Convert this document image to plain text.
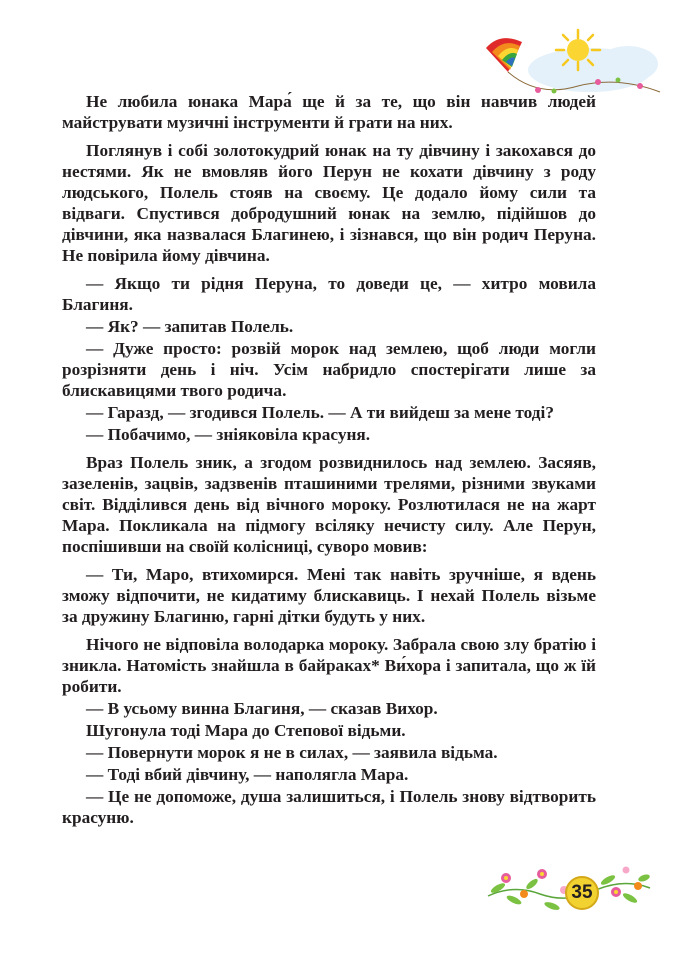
Не любила юнака Мара́ ще й за те, що він навчив людей майструвати музичні інструменти й грати на них.

Поглянув і собі золотокудрий юнак на ту дівчину і закохався до нестями. Як не вмовляв його Перун не кохати дівчину з роду людського, Полель стояв на своєму. Це додало йому сили та відваги. Спустився добродушний юнак на землю, підійшов до дівчини, яка назвалася Благинею, і зізнався, що він родич Перуна. Не повірила йому дівчина.

— Якщо ти рідня Перуна, то доведи це, — хитро мовила Благиня.

— Як? — запитав Полель.

— Дуже просто: розвій морок над землею, щоб люди могли розрізняти день і ніч. Усім набридло спостерігати лише за блискавицями твого родича.

— Гаразд, — згодився Полель. — А ти вийдеш за мене тоді?

— Побачимо, — зніяковіла красуня.

Враз Полель зник, а згодом розвиднилось над землею. Засяяв, зазеленів, зацвів, задзвенів пташиними трелями, різними звуками світ. Відділився день від вічного мороку. Розлютилася не на жарт Мара. Покликала на підмогу всіляку нечисту силу. Але Перун, поспішивши на своїй колісниці, суворо мовив:

— Ти, Маро, втихомирся. Мені так навіть зручніше, я вдень зможу відпочити, не кидатиму блискавиць. І нехай Полель візьме за дружину Благиню, гарні дітки будуть у них.

Нічого не відповіла володарка мороку. Забрала свою злу братію і зникла. Натомість знайшла в байраках* Ви́хора і запитала, що ж їй робити.

— В усьому винна Благиня, — сказав Вихор.

Шугонула тоді Мара до Степової відьми.

— Повернути морок я не в силах, — заявила відьма.

— Тоді вбий дівчину, — наполягла Мара.

— Це не допоможе, душа залишиться, і Полель знову відтворить красуню.

35
